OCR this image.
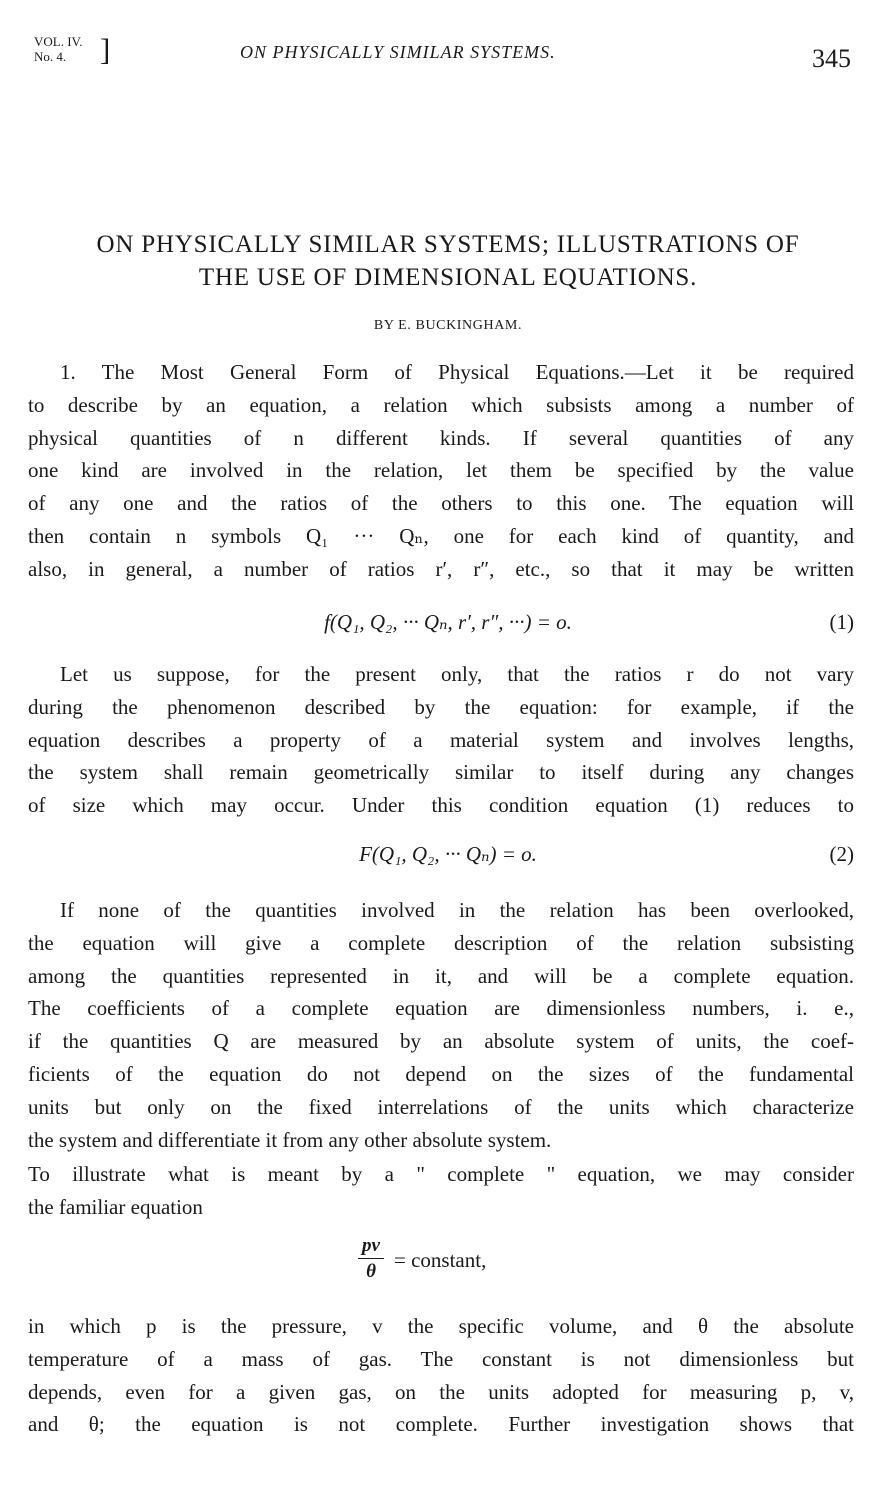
VOL. IV.
No. 4.	]	ON PHYSICALLY SIMILAR SYSTEMS.	345
ON PHYSICALLY SIMILAR SYSTEMS; ILLUSTRATIONS OF
THE USE OF DIMENSIONAL EQUATIONS.
BY E. BUCKINGHAM.
1. The Most General Form of Physical Equations.—Let it be required
to describe by an equation, a relation which subsists among a number of
physical quantities of n different kinds. If several quantities of any
one kind are involved in the relation, let them be specified by the value
of any one and the ratios of the others to this one. The equation will
then contain n symbols Q₁ ··· Qₙ, one for each kind of quantity, and
also, in general, a number of ratios r′, r″, etc., so that it may be written
f(Q₁, Q₂, ··· Qₙ, r′, r″, ···) = o.	(1)
Let us suppose, for the present only, that the ratios r do not vary
during the phenomenon described by the equation: for example, if the
equation describes a property of a material system and involves lengths,
the system shall remain geometrically similar to itself during any changes
of size which may occur. Under this condition equation (1) reduces to
F(Q₁, Q₂, ··· Qₙ) = o.	(2)
If none of the quantities involved in the relation has been overlooked,
the equation will give a complete description of the relation subsisting
among the quantities represented in it, and will be a complete equation.
The coefficients of a complete equation are dimensionless numbers, i. e.,
if the quantities Q are measured by an absolute system of units, the coef-
ficients of the equation do not depend on the sizes of the fundamental
units but only on the fixed interrelations of the units which characterize
the system and differentiate it from any other absolute system.
To illustrate what is meant by a " complete " equation, we may consider
the familiar equation
$\frac{pv}{\theta}$ = constant,
in which p is the pressure, v the specific volume, and θ the absolute
temperature of a mass of gas. The constant is not dimensionless but
depends, even for a given gas, on the units adopted for measuring p, v,
and θ; the equation is not complete. Further investigation shows that
